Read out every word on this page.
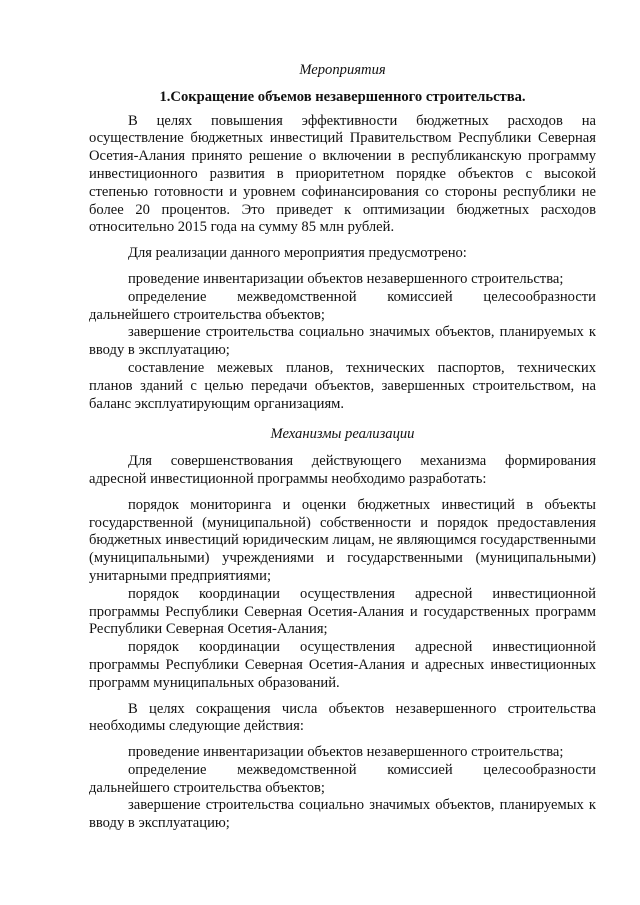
Мероприятия

1.Сокращение объемов незавершенного строительства.

В целях повышения эффективности бюджетных расходов на осуществление бюджетных инвестиций Правительством Республики Северная Осетия-Алания принято решение о включении в республиканскую программу инвестиционного развития в приоритетном порядке объектов с высокой степенью готовности и уровнем софинансирования со стороны республики не более 20 процентов. Это приведет к оптимизации бюджетных расходов относительно 2015 года на сумму 85 млн рублей.

Для реализации данного мероприятия предусмотрено:

проведение инвентаризации объектов незавершенного строительства;

определение межведомственной комиссией целесообразности дальнейшего строительства объектов;

завершение строительства социально значимых объектов, планируемых к вводу в эксплуатацию;

составление межевых планов, технических паспортов, технических планов зданий с целью передачи объектов, завершенных строительством, на баланс эксплуатирующим организациям.

Механизмы реализации

Для совершенствования действующего механизма формирования адресной инвестиционной программы необходимо разработать:

порядок мониторинга и оценки бюджетных инвестиций в объекты государственной (муниципальной) собственности и порядок предоставления бюджетных инвестиций юридическим лицам, не являющимся государственными (муниципальными) учреждениями и государственными (муниципальными) унитарными предприятиями;

порядок координации осуществления адресной инвестиционной программы Республики Северная Осетия-Алания и государственных программ Республики Северная Осетия-Алания;

порядок координации осуществления адресной инвестиционной программы Республики Северная Осетия-Алания и адресных инвестиционных программ муниципальных образований.

В целях сокращения числа объектов незавершенного строительства необходимы следующие действия:

проведение инвентаризации объектов незавершенного строительства;

определение межведомственной комиссией целесообразности дальнейшего строительства объектов;

завершение строительства социально значимых объектов, планируемых к вводу в эксплуатацию;
